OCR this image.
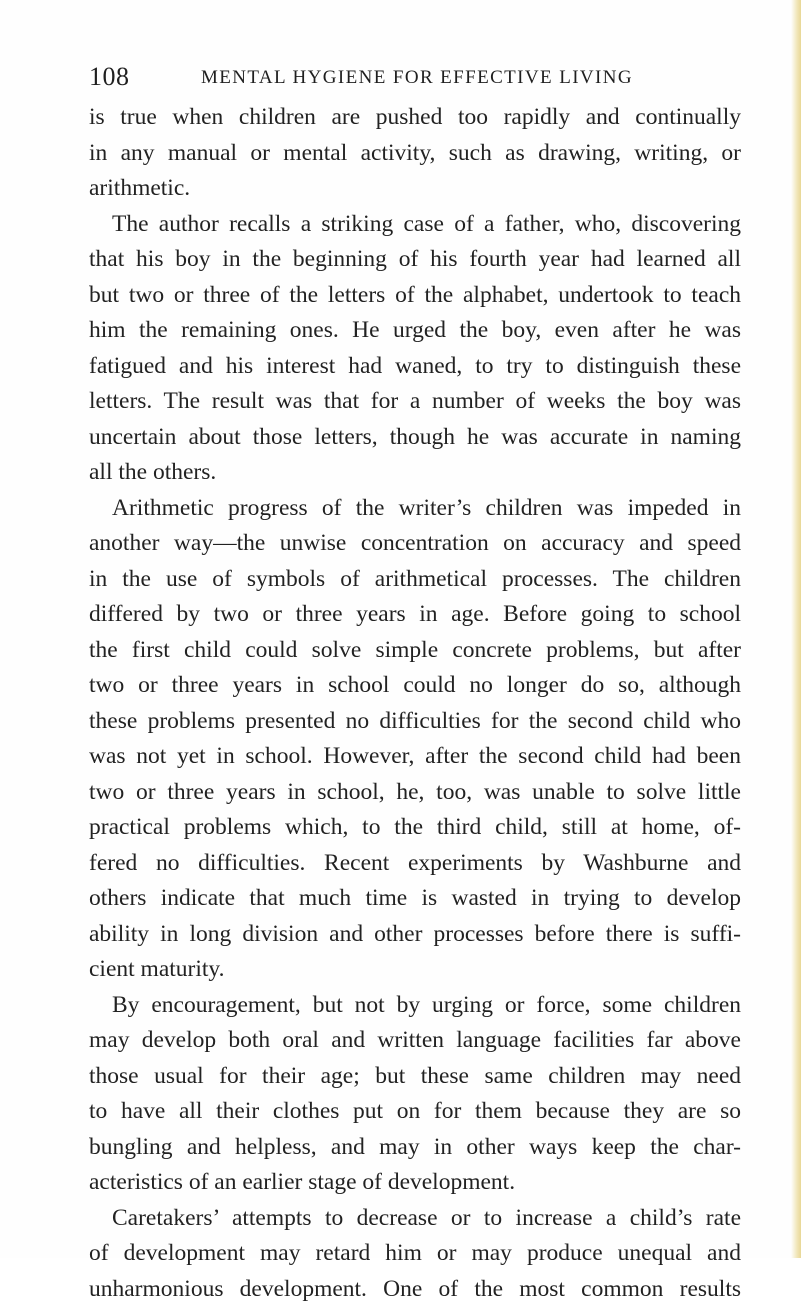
108	MENTAL HYGIENE FOR EFFECTIVE LIVING
is true when children are pushed too rapidly and continually
in any manual or mental activity, such as drawing, writing, or
arithmetic.
The author recalls a striking case of a father, who, discovering
that his boy in the beginning of his fourth year had learned all
but two or three of the letters of the alphabet, undertook to teach
him the remaining ones. He urged the boy, even after he was
fatigued and his interest had waned, to try to distinguish these
letters. The result was that for a number of weeks the boy was
uncertain about those letters, though he was accurate in naming
all the others.
Arithmetic progress of the writer’s children was impeded in
another way—the unwise concentration on accuracy and speed
in the use of symbols of arithmetical processes. The children
differed by two or three years in age. Before going to school
the first child could solve simple concrete problems, but after
two or three years in school could no longer do so, although
these problems presented no difficulties for the second child who
was not yet in school. However, after the second child had been
two or three years in school, he, too, was unable to solve little
practical problems which, to the third child, still at home, of-
fered no difficulties. Recent experiments by Washburne and
others indicate that much time is wasted in trying to develop
ability in long division and other processes before there is suffi-
cient maturity.
By encouragement, but not by urging or force, some children
may develop both oral and written language facilities far above
those usual for their age; but these same children may need
to have all their clothes put on for them because they are so
bungling and helpless, and may in other ways keep the char-
acteristics of an earlier stage of development.
Caretakers’ attempts to decrease or to increase a child’s rate
of development may retard him or may produce unequal and
unharmonious development. One of the most common results
